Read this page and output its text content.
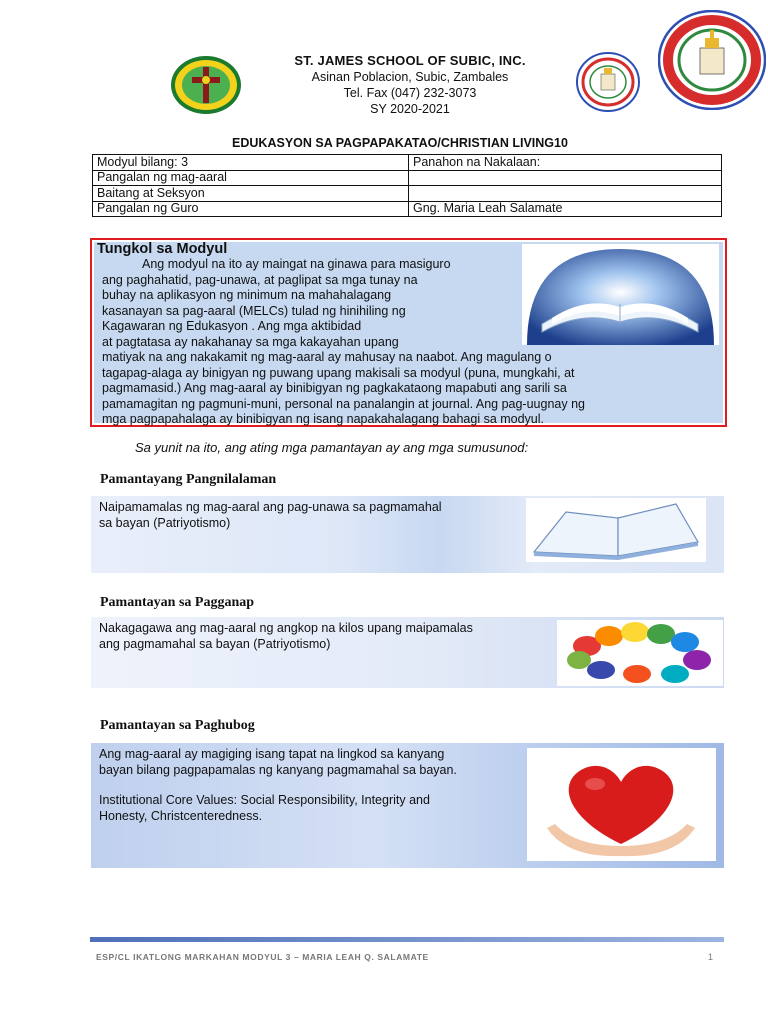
ST. JAMES SCHOOL OF SUBIC, INC.
Asinan Poblacion, Subic, Zambales
Tel. Fax (047) 232-3073
SY 2020-2021
EDUKASYON SA PAGPAPAKATAO/CHRISTIAN LIVING10
Modyul bilang: 3	Panahon na Nakalaan:
Pangalan ng mag-aaral	
Baitang at Seksyon	
Pangalan ng Guro	Gng. Maria Leah Salamate
Tungkol sa Modyul

Ang modyul na ito ay maingat na ginawa para masiguro

ang paghahatid, pag-unawa, at paglipat sa mga tunay na

buhay na aplikasyon ng minimum na mahahalagang

kasanayan sa pag-aaral (MELCs) tulad ng hinihiling ng

Kagawaran ng Edukasyon . Ang mga aktibidad

at pagtatasa ay nakahanay sa mga kakayahan upang

matiyak na ang nakakamit ng mag-aaral ay mahusay na naabot. Ang magulang o

tagapag-alaga ay binigyan ng puwang upang makisali sa modyul (puna, mungkahi, at

pagmamasid.) Ang mag-aaral ay binibigyan ng pagkakataong mapabuti ang sarili sa

pamamagitan ng pagmuni-muni, personal na panalangin at journal. Ang pag-uugnay ng

mga pagpapahalaga ay binibigyan ng isang napakahalagang bahagi sa modyul.

Sa yunit na ito, ang ating mga pamantayan ay ang mga sumusunod:
Pamantayang Pangnilalaman

Naipamamalas ng mag-aaral ang pag-unawa sa pagmamahal

sa bayan (Patriyotismo)

Pamantayan sa Pagganap

Nakagagawa ang mag-aaral ng angkop na kilos upang maipamalas

ang pagmamahal sa bayan (Patriyotismo)

Pamantayan sa Paghubog

Ang mag-aaral ay magiging isang tapat na lingkod sa kanyang

bayan bilang pagpapamalas ng kanyang pagmamahal sa bayan.

Institutional Core Values: Social Responsibility, Integrity and

Honesty, Christcenteredness.

ESP/CL IKATLONG MARKAHAN MODYUL 3 – MARIA LEAH Q. SALAMATE	1
